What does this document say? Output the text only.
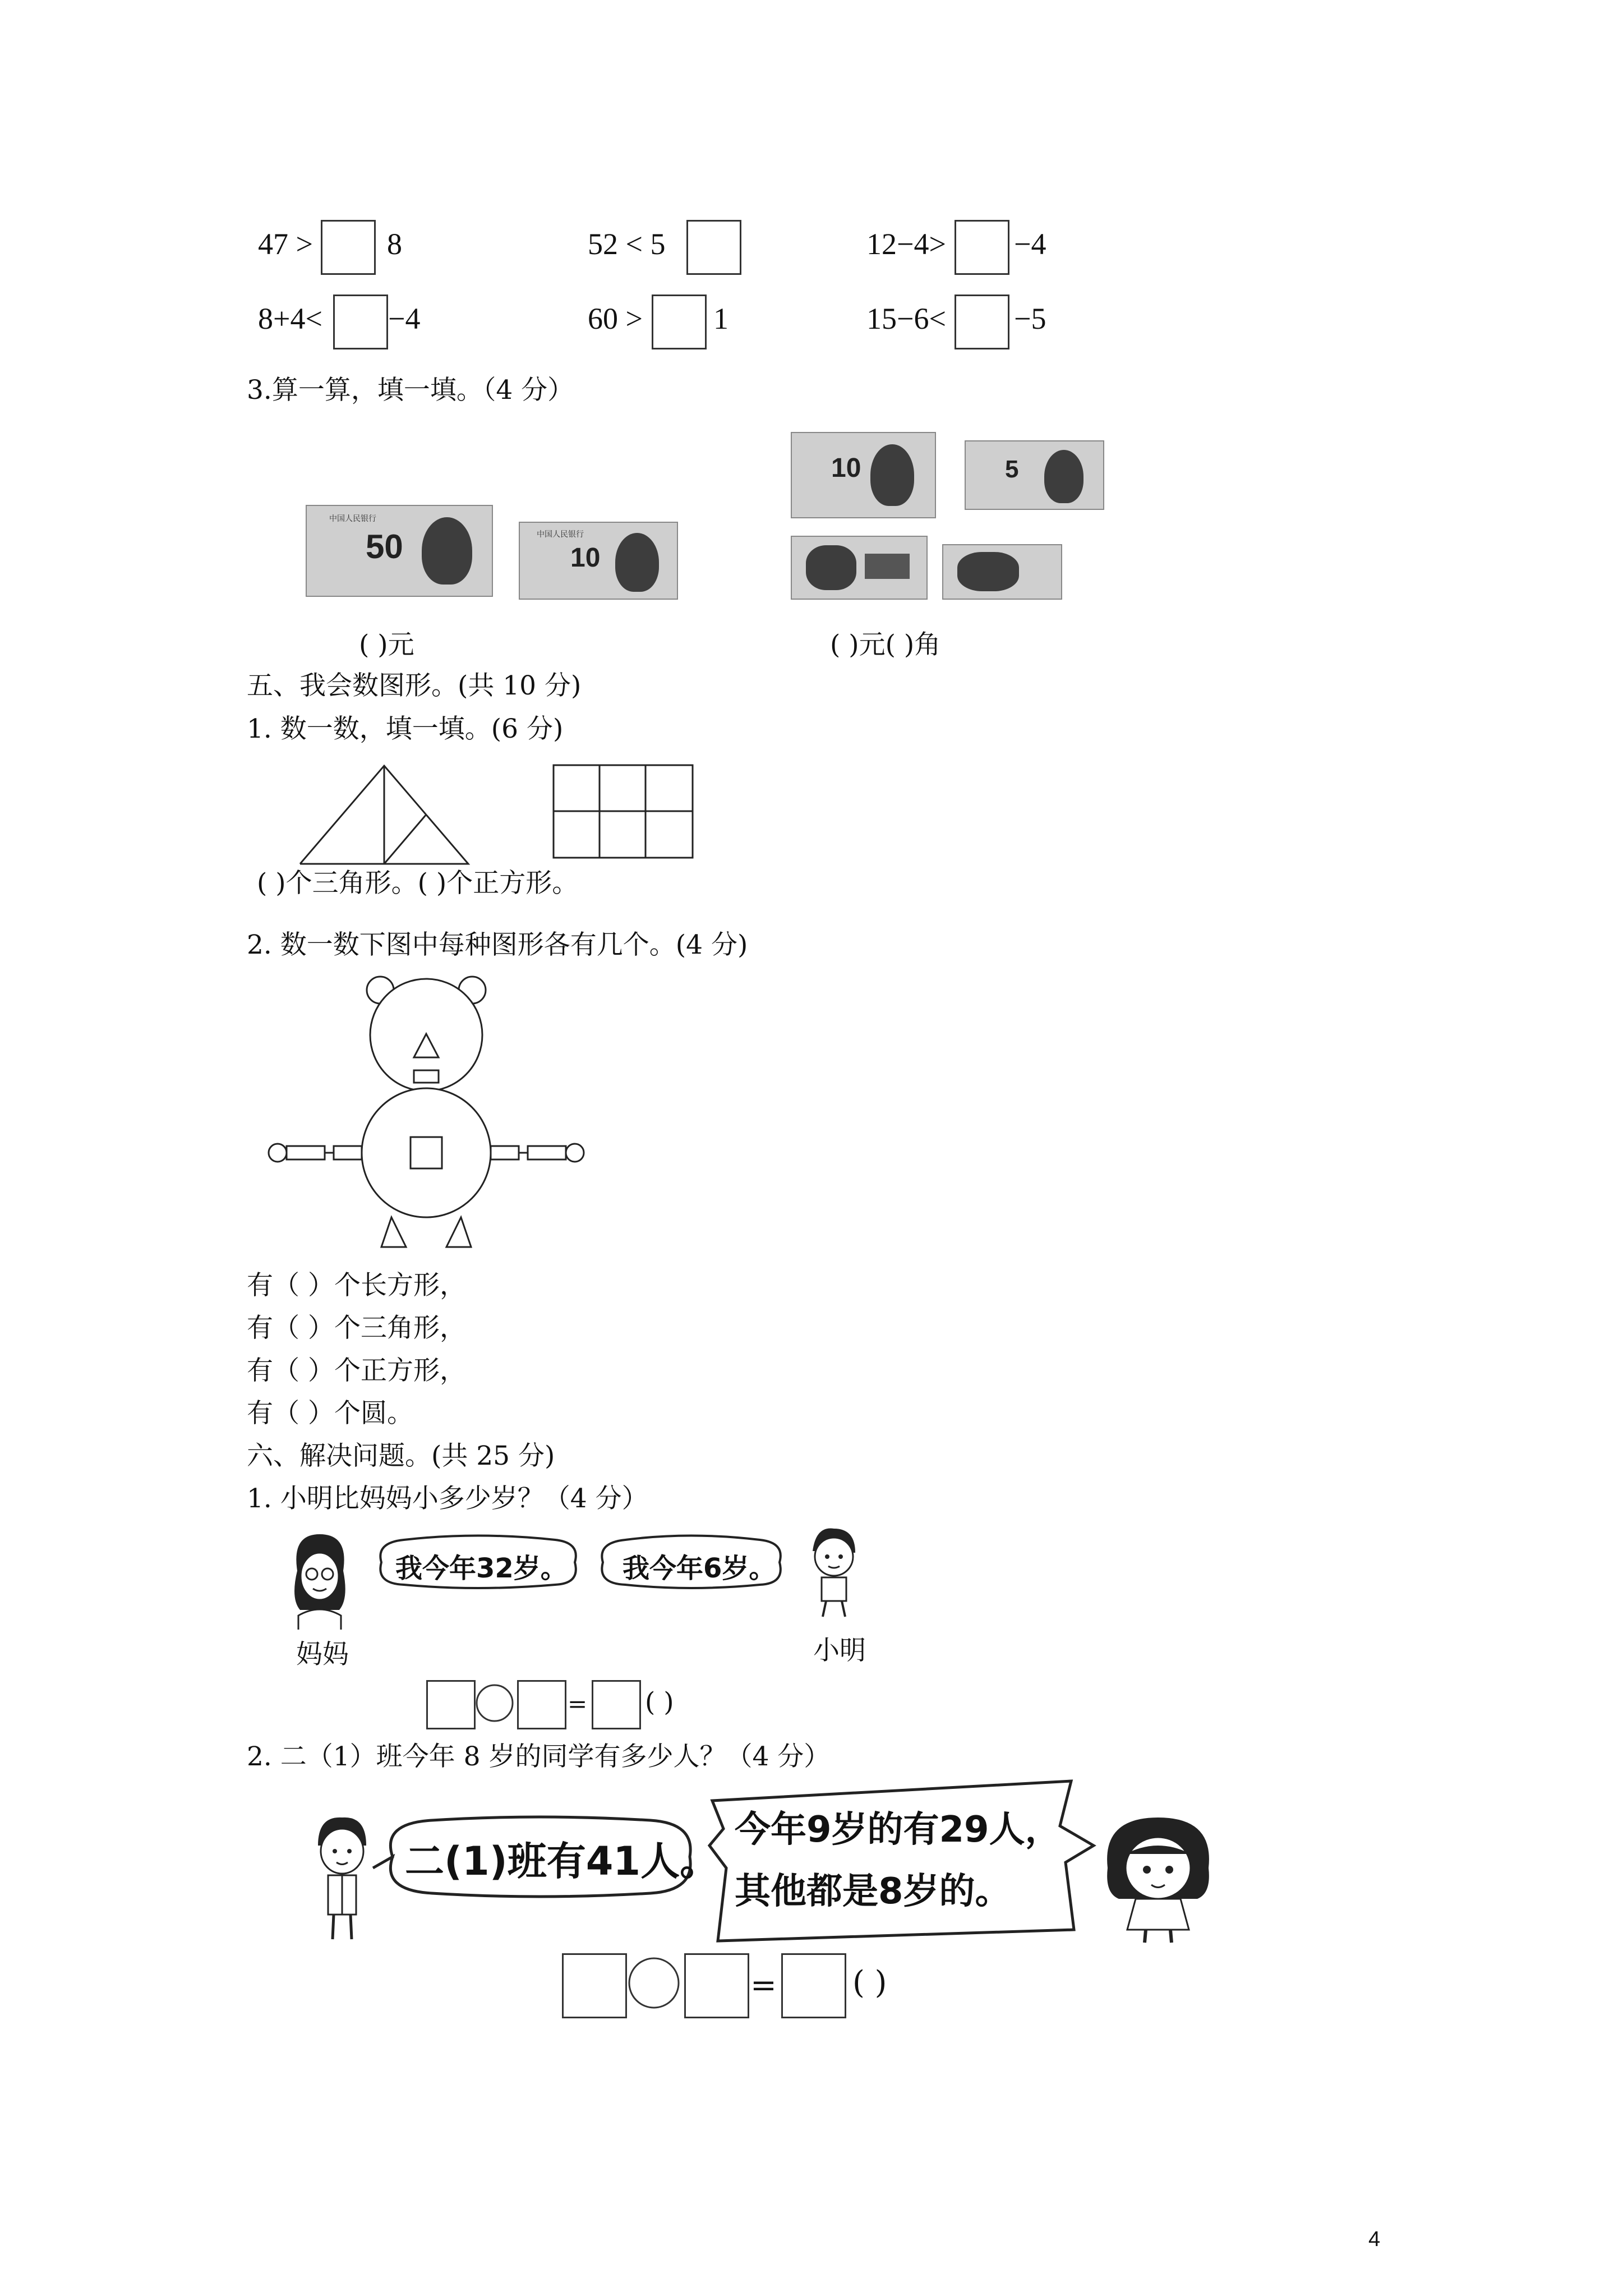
47 > 8	52 < 5	12−4> −4
8+4< −4	60 > 1	15−6< −5
3.算一算，填一填。（4 分）
中国人民银行
50	中国人民银行
10
10	5
( )元	( )元( )角
五、我会数图形。(共 10 分)
1. 数一数，填一填。(6 分)
( )个三角形。( )个正方形。
2. 数一数下图中每种图形各有几个。(4 分)
有（ ）个长方形，
有（ ）个三角形，
有（ ）个正方形，
有（ ）个圆。
六、解决问题。(共 25 分)
1. 小明比妈妈小多少岁？（4 分）
我今年32岁。 我今年6岁。
妈妈	小明
= ( )
2. 二（1）班今年 8 岁的同学有多少人？（4 分）
二(1)班有41人。
今年9岁的有29人，
其他都是8岁的。
= ( )
4
